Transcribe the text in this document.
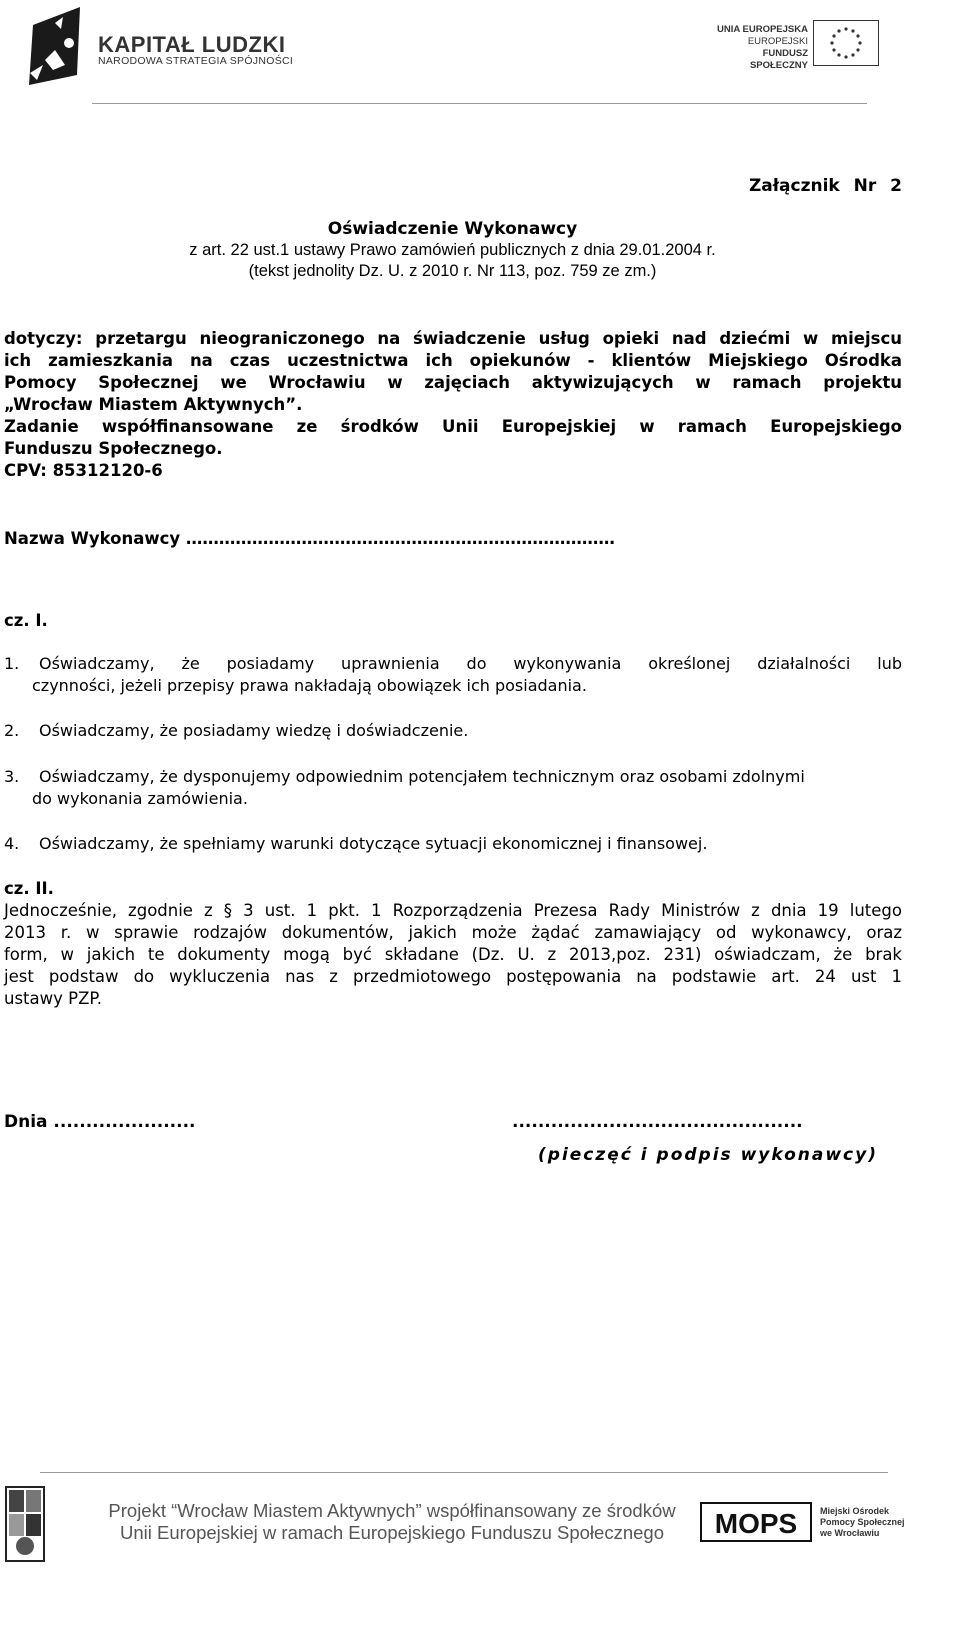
KAPITAŁ LUDZKI
NARODOWA STRATEGIA SPÓJNOŚCI
UNIA EUROPEJSKA
EUROPEJSKI
FUNDUSZ SPOŁECZNY
Załącznik Nr 2
Oświadczenie Wykonawcy
z art. 22 ust.1 ustawy Prawo zamówień publicznych z dnia 29.01.2004 r.
(tekst jednolity Dz. U. z 2010 r. Nr 113, poz. 759 ze zm.)
dotyczy: przetargu nieograniczonego na świadczenie usług opieki nad dziećmi w miejscu
ich zamieszkania na czas uczestnictwa ich opiekunów - klientów Miejskiego Ośrodka
Pomocy Społecznej we Wrocławiu w zajęciach aktywizujących w ramach projektu
„Wrocław Miastem Aktywnych”.
Zadanie współfinansowane ze środków Unii Europejskiej w ramach Europejskiego
Funduszu Społecznego.
CPV: 85312120-6
Nazwa Wykonawcy ……………………………………………………………………
cz. I.
1. Oświadczamy, że posiadamy uprawnienia do wykonywania określonej działalności lub
czynności, jeżeli przepisy prawa nakładają obowiązek ich posiadania.
2. Oświadczamy, że posiadamy wiedzę i doświadczenie.
3. Oświadczamy, że dysponujemy odpowiednim potencjałem technicznym oraz osobami zdolnymi
do wykonania zamówienia.
4. Oświadczamy, że spełniamy warunki dotyczące sytuacji ekonomicznej i finansowej.
cz. II.
Jednocześnie, zgodnie z § 3 ust. 1 pkt. 1 Rozporządzenia Prezesa Rady Ministrów z dnia 19 lutego
2013 r. w sprawie rodzajów dokumentów, jakich może żądać zamawiający od wykonawcy, oraz
form, w jakich te dokumenty mogą być składane (Dz. U. z 2013,poz. 231) oświadczam, że brak
jest podstaw do wykluczenia nas z przedmiotowego postępowania na podstawie art. 24 ust 1
ustawy PZP.
Dnia ......................	.............................................
(pieczęć i podpis wykonawcy)
Projekt “Wrocław Miastem Aktywnych” współfinansowany ze środków
Unii Europejskiej w ramach Europejskiego Funduszu Społecznego	MOPS	Miejski Ośrodek
Pomocy Społecznej
we Wrocławiu
